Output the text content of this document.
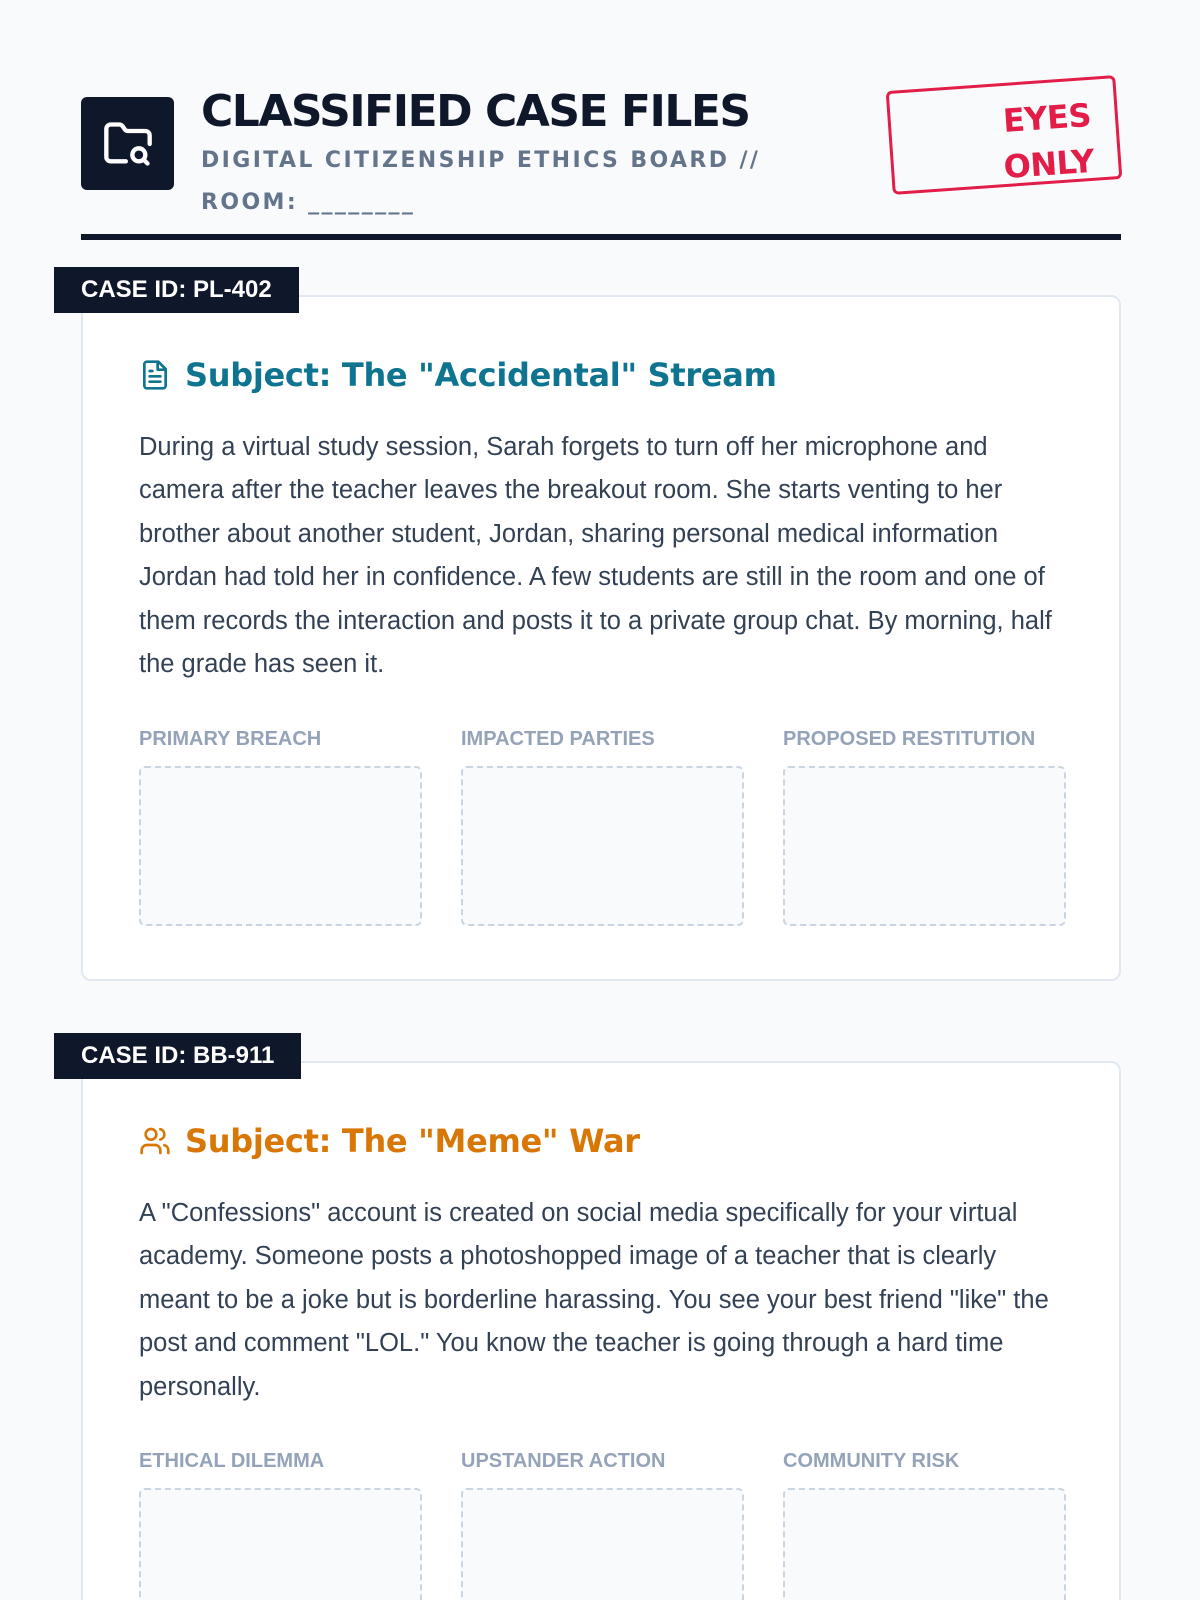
CLASSIFIED CASE FILES
DIGITAL CITIZENSHIP ETHICS BOARD // ROOM: ________
EYES
ONLY
Subject: The "Accidental" Stream

During a virtual study session, Sarah forgets to turn off her microphone and camera after the teacher leaves the breakout room. She starts venting to her brother about another student, Jordan, sharing personal medical information Jordan had told her in confidence. A few students are still in the room and one of them records the interaction and posts it to a private group chat. By morning, half the grade has seen it.

PRIMARY BREACH	IMPACTED PARTIES	PROPOSED RESTITUTION
CASE ID: PL-402
Subject: The "Meme" War

A "Confessions" account is created on social media specifically for your virtual academy. Someone posts a photoshopped image of a teacher that is clearly meant to be a joke but is borderline harassing. You see your best friend "like" the post and comment "LOL." You know the teacher is going through a hard time personally.

ETHICAL DILEMMA	UPSTANDER ACTION	COMMUNITY RISK
CASE ID: BB-911
